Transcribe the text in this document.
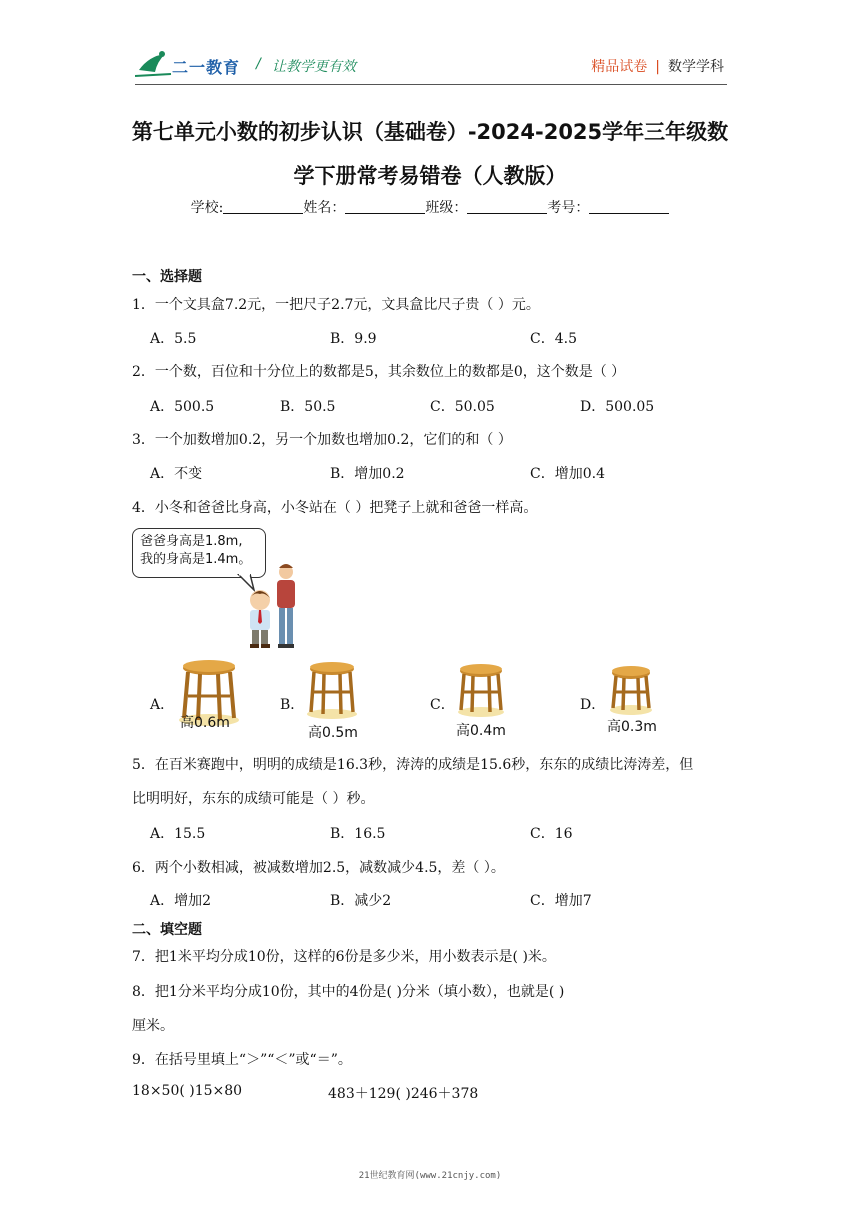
二一教育 / 让教学更有效	精品试卷 | 数学学科
第七单元小数的初步认识（基础卷）-2024-2025学年三年级数
学下册常考易错卷（人教版）
学校:	姓名：	班级：	考号：
一、选择题
1．一个文具盒7.2元，一把尺子2.7元，文具盒比尺子贵（ ）元。
A．5.5	B．9.9	C．4.5
2．一个数，百位和十分位上的数都是5，其余数位上的数都是0，这个数是（ ）
A．500.5	B．50.5	C．50.05	D．500.05
3．一个加数增加0.2，另一个加数也增加0.2，它们的和（ ）
A．不变	B．增加0.2	C．增加0.4
4．小冬和爸爸比身高，小冬站在（ ）把凳子上就和爸爸一样高。
爸爸身高是1.8m,
我的身高是1.4m。
A．
高0.6m
B．
高0.5m
C．
高0.4m
D．
高0.3m
5．在百米赛跑中，明明的成绩是16.3秒，涛涛的成绩是15.6秒，东东的成绩比涛涛差，但
比明明好，东东的成绩可能是（ ）秒。
A．15.5	B．16.5	C．16
6．两个小数相减，被减数增加2.5，减数减少4.5，差（ ）。
A．增加2	B．减少2	C．增加7
二、填空题
7．把1米平均分成10份，这样的6份是多少米，用小数表示是( )米。
8．把1分米平均分成10份，其中的4份是( )分米（填小数），也就是( )
厘米。
9．在括号里填上“＞”“＜”或“＝”。
18×50( )15×80	483＋129( )246＋378
21世纪教育网(www.21cnjy.com)
